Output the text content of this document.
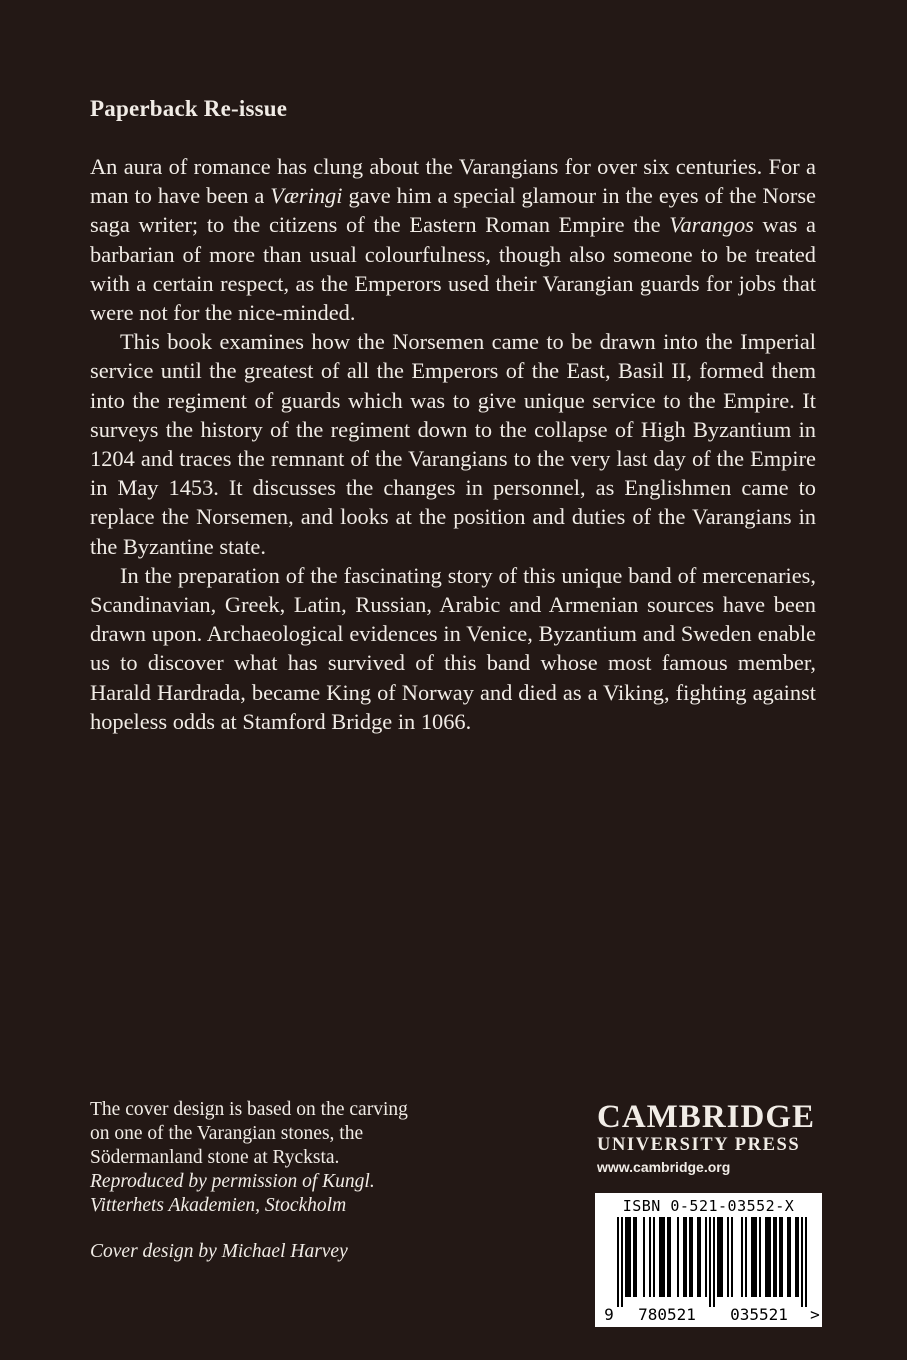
Paperback Re-issue

An aura of romance has clung about the Varangians for over six centuries. For a man to have been a Væringi gave him a special glamour in the eyes of the Norse saga writer; to the citizens of the Eastern Roman Empire the Varangos was a barbarian of more than usual colourfulness, though also someone to be treated with a certain respect, as the Emperors used their Varangian guards for jobs that were not for the nice-minded.

This book examines how the Norsemen came to be drawn into the Imperial service until the greatest of all the Emperors of the East, Basil II, formed them into the regiment of guards which was to give unique service to the Empire. It surveys the history of the regiment down to the collapse of High Byzantium in 1204 and traces the remnant of the Varangians to the very last day of the Empire in May 1453. It discusses the changes in personnel, as Englishmen came to replace the Norsemen, and looks at the position and duties of the Varangians in the Byzantine state.

In the preparation of the fascinating story of this unique band of mercenaries, Scandinavian, Greek, Latin, Russian, Arabic and Armenian sources have been drawn upon. Archaeological evidences in Venice, Byzantium and Sweden enable us to discover what has survived of this band whose most famous member, Harald Hardrada, became King of Norway and died as a Viking, fighting against hopeless odds at Stamford Bridge in 1066.

The cover design is based on the carving on one of the Varangian stones, the Södermanland stone at Rycksta.
Reproduced by permission of Kungl. Vitterhets Akademien, Stockholm
Cover design by Michael Harvey
CAMBRIDGE
UNIVERSITY PRESS
www.cambridge.org
ISBN 0-521-03552-X
9 780521 035521 >
